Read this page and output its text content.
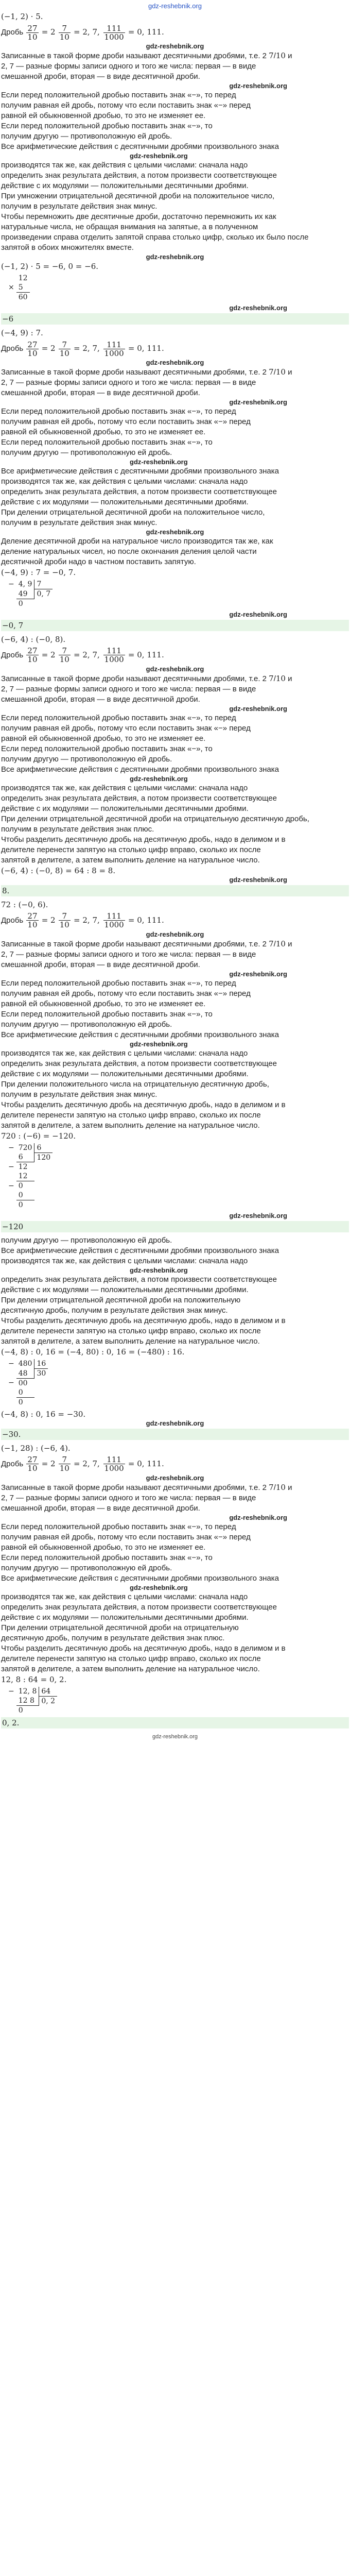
gdz-reshebnik.org
(−1, 2) · 5.
Дробь $\frac{27}{10} = 2 \frac{7}{10} = 2$, 7, $\frac{111}{1000} = 0$, 111.
gdz-reshebnik.org
Записанные в такой форме дроби называют десятичными дробями, т.е. 2 7/10 и
2, 7 — разные формы записи одного и того же числа: первая — в виде
смешанной дроби, вторая — в виде десятичной дроби.
gdz-reshebnik.org
Если перед положительной дробью поставить знак «−», то перед
получим равная ей дробь, потому что если поставить знак «−» перед
равной ей обыкновенной дробью, то это не изменяет ее.
Если перед положительной дробью поставить знак «−», то
получим другую — противоположную ей дробь.
Все арифметические действия с десятичными дробями произвольного знака
gdz-reshebnik.org
производятся так же, как действия с целыми числами: сначала надо
определить знак результата действия, а потом произвести соответствующее
действие с их модулями — положительными десятичными дробями.
При умножении отрицательной десятичной дроби на положительное число,
получим в результате действия знак минус.
Чтобы перемножить две десятичные дроби, достаточно перемножить их как
натуральные числа, не обращая внимания на запятые, а в полученном
произведении справа отделить запятой справа столько цифр, сколько их было после
запятой в обоих множителях вместе.
gdz-reshebnik.org
(−1, 2) · 5 = −6, 0 = −6.
	12
×	5
	60
gdz-reshebnik.org
−6
(−4, 9) : 7.
Дробь $\frac{27}{10} = 2 \frac{7}{10} = 2$, 7, $\frac{111}{1000} = 0$, 111.
gdz-reshebnik.org
Записанные в такой форме дроби называют десятичными дробями, т.е. 2 7/10 и
2, 7 — разные формы записи одного и того же числа: первая — в виде
смешанной дроби, вторая — в виде десятичной дроби.
gdz-reshebnik.org
Если перед положительной дробью поставить знак «−», то перед
получим равная ей дробь, потому что если поставить знак «−» перед
равной ей обыкновенной дробью, то это не изменяет ее.
Если перед положительной дробью поставить знак «−», то
получим другую — противоположную ей дробь.
gdz-reshebnik.org
Все арифметические действия с десятичными дробями произвольного знака
производятся так же, как действия с целыми числами: сначала надо
определить знак результата действия, а потом произвести соответствующее
действие с их модулями — положительными десятичными дробями.
При делении отрицательной десятичной дроби на положительное число,
получим в результате действия знак минус.
gdz-reshebnik.org
Деление десятичной дроби на натуральное число производится так же, как
деление натуральных чисел, но после окончания деления целой части
десятичной дроби надо в частном поставить запятую.
(−4, 9) : 7 = −0, 7.
−	4, 9	7
	49	0, 7
	0	
gdz-reshebnik.org
−0, 7
(−6, 4) : (−0, 8).
Дробь $\frac{27}{10} = 2 \frac{7}{10} = 2$, 7, $\frac{111}{1000} = 0$, 111.
gdz-reshebnik.org
Записанные в такой форме дроби называют десятичными дробями, т.е. 2 7/10 и
2, 7 — разные формы записи одного и того же числа: первая — в виде
смешанной дроби, вторая — в виде десятичной дроби.
gdz-reshebnik.org
Если перед положительной дробью поставить знак «−», то перед
получим равная ей дробь, потому что если поставить знак «−» перед
равной ей обыкновенной дробью, то это не изменяет ее.
Если перед положительной дробью поставить знак «−», то
получим другую — противоположную ей дробь.
Все арифметические действия с десятичными дробями произвольного знака
gdz-reshebnik.org
производятся так же, как действия с целыми числами: сначала надо
определить знак результата действия, а потом произвести соответствующее
действие с их модулями — положительными десятичными дробями.
При делении отрицательной десятичной дроби на отрицательную десятичную дробь,
получим в результате действия знак плюс.
Чтобы разделить десятичную дробь на десятичную дробь, надо в делимом и в
делителе перенести запятую на столько цифр вправо, сколько их после
запятой в делителе, а затем выполнить деление на натуральное число.
(−6, 4) : (−0, 8) = 64 : 8 = 8.
gdz-reshebnik.org
8.
72 : (−0, 6).
Дробь $\frac{27}{10} = 2 \frac{7}{10} = 2$, 7, $\frac{111}{1000} = 0$, 111.
gdz-reshebnik.org
Записанные в такой форме дроби называют десятичными дробями, т.е. 2 7/10 и
2, 7 — разные формы записи одного и того же числа: первая — в виде
смешанной дроби, вторая — в виде десятичной дроби.
gdz-reshebnik.org
Если перед положительной дробью поставить знак «−», то перед
получим равная ей дробь, потому что если поставить знак «−» перед
равной ей обыкновенной дробью, то это не изменяет ее.
Если перед положительной дробью поставить знак «−», то
получим другую — противоположную ей дробь.
Все арифметические действия с десятичными дробями произвольного знака
gdz-reshebnik.org
производятся так же, как действия с целыми числами: сначала надо
определить знак результата действия, а потом произвести соответствующее
действие с их модулями — положительными десятичными дробями.
При делении положительного числа на отрицательную десятичную дробь,
получим в результате действия знак минус.
Чтобы разделить десятичную дробь на десятичную дробь, надо в делимом и в
делителе перенести запятую на столько цифр вправо, сколько их после
запятой в делителе, а затем выполнить деление на натуральное число.
720 : (−6) = −120.
−	720	6
	6	120
−	12	
	12	
−	0	
	0	
	0	
gdz-reshebnik.org
−120
получим другую — противоположную ей дробь.
Все арифметические действия с десятичными дробями произвольного знака
производятся так же, как действия с целыми числами: сначала надо
gdz-reshebnik.org
определить знак результата действия, а потом произвести соответствующее
действие с их модулями — положительными десятичными дробями.
При делении отрицательной десятичной дроби на положительную
десятичную дробь, получим в результате действия знак минус.
Чтобы разделить десятичную дробь на десятичную дробь, надо в делимом и в
делителе перенести запятую на столько цифр вправо, сколько их после
запятой в делителе, а затем выполнить деление на натуральное число.
(−4, 8) : 0, 16 = (−4, 80) : 0, 16 = (−480) : 16.
−	480	16
	48	30
−	00	
	0	
	0	
(−4, 8) : 0, 16 = −30.
gdz-reshebnik.org
−30.
(−1, 28) : (−6, 4).
Дробь $\frac{27}{10} = 2 \frac{7}{10} = 2$, 7, $\frac{111}{1000} = 0$, 111.
gdz-reshebnik.org
Записанные в такой форме дроби называют десятичными дробями, т.е. 2 7/10 и
2, 7 — разные формы записи одного и того же числа: первая — в виде
смешанной дроби, вторая — в виде десятичной дроби.
gdz-reshebnik.org
Если перед положительной дробью поставить знак «−», то перед
получим равная ей дробь, потому что если поставить знак «−» перед
равной ей обыкновенной дробью, то это не изменяет ее.
Если перед положительной дробью поставить знак «−», то
получим другую — противоположную ей дробь.
Все арифметические действия с десятичными дробями произвольного знака
gdz-reshebnik.org
производятся так же, как действия с целыми числами: сначала надо
определить знак результата действия, а потом произвести соответствующее
действие с их модулями — положительными десятичными дробями.
При делении отрицательной десятичной дроби на отрицательную
десятичную дробь, получим в результате действия знак плюс.
Чтобы разделить десятичную дробь на десятичную дробь, надо в делимом и в
делителе перенести запятую на столько цифр вправо, сколько их после
запятой в делителе, а затем выполнить деление на натуральное число.
12, 8 : 64 = 0, 2.
−	12, 8	64
	12 8	0, 2
	0	
0, 2.
gdz-reshebnik.org
